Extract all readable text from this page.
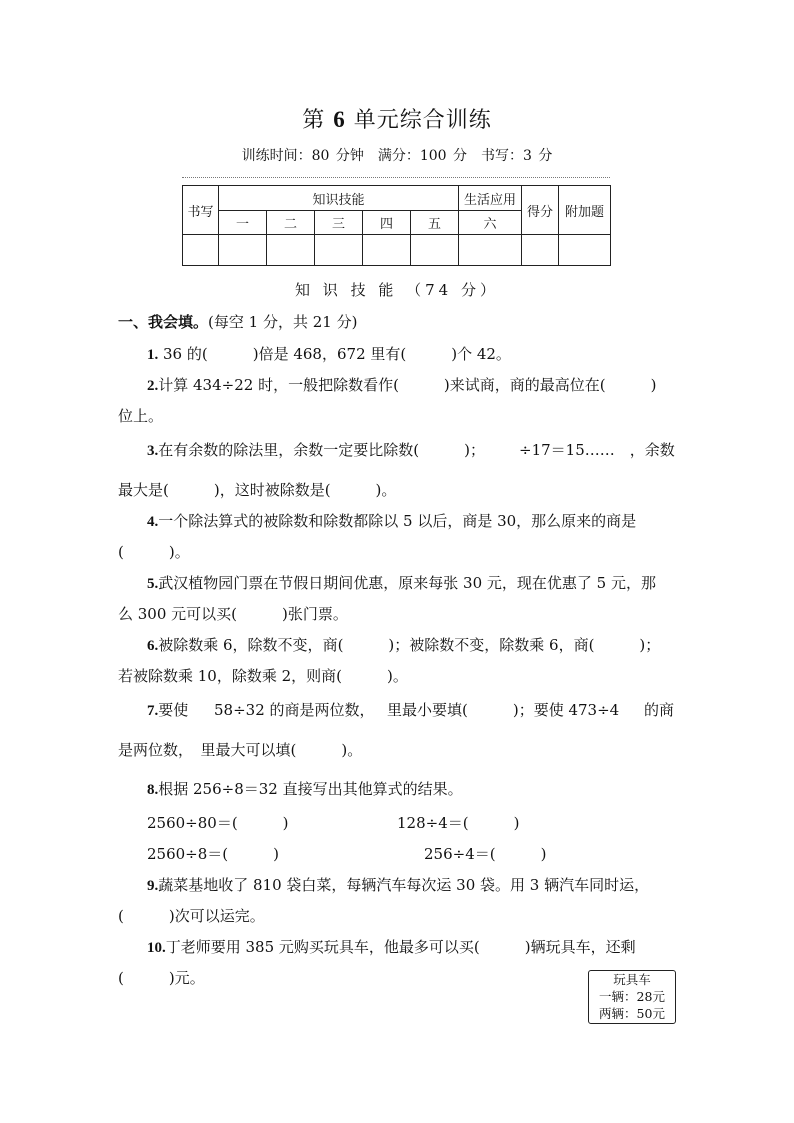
第 6 单元综合训练
训练时间：80 分钟　满分：100 分　书写：3 分
书写	知识技能					生活应用	得分	附加题
	一	二	三	四	五	六		

知 识 技 能 （74 分）
一、我会填。(每空 1 分，共 21 分)
1. 36 的(　　　)倍是 468，672 里有(　　　)个 42。
2.计算 434÷22 时，一般把除数看作(　　　)来试商，商的最高位在(　　　)
位上。
3.在有余数的除法里，余数一定要比除数(　　　)； ÷17＝15……　，余数
最大是(　　　)，这时被除数是(　　　)。
4.一个除法算式的被除数和除数都除以 5 以后，商是 30，那么原来的商是
(　　　)。
5.武汉植物园门票在节假日期间优惠，原来每张 30 元，现在优惠了 5 元，那
么 300 元可以买(　　　)张门票。
6.被除数乘 6，除数不变，商(　　　)；被除数不变，除数乘 6，商(　　　)；
若被除数乘 10，除数乘 2，则商(　　　)。
7.要使 58÷32 的商是两位数， 里最小要填(　　　)；要使 473÷4 的商
是两位数，　里最大可以填(　　　)。
8.根据 256÷8＝32 直接写出其他算式的结果。
2560÷80＝(　　　)	128÷4＝(　　　)
2560÷8＝(　　　)	256÷4＝(　　　)
9.蔬菜基地收了 810 袋白菜，每辆汽车每次运 30 袋。用 3 辆汽车同时运，
(　　　)次可以运完。
10.丁老师要用 385 元购买玩具车，他最多可以买(　　　)辆玩具车，还剩
(　　　)元。	玩具车
一辆：28元
两辆：50元
